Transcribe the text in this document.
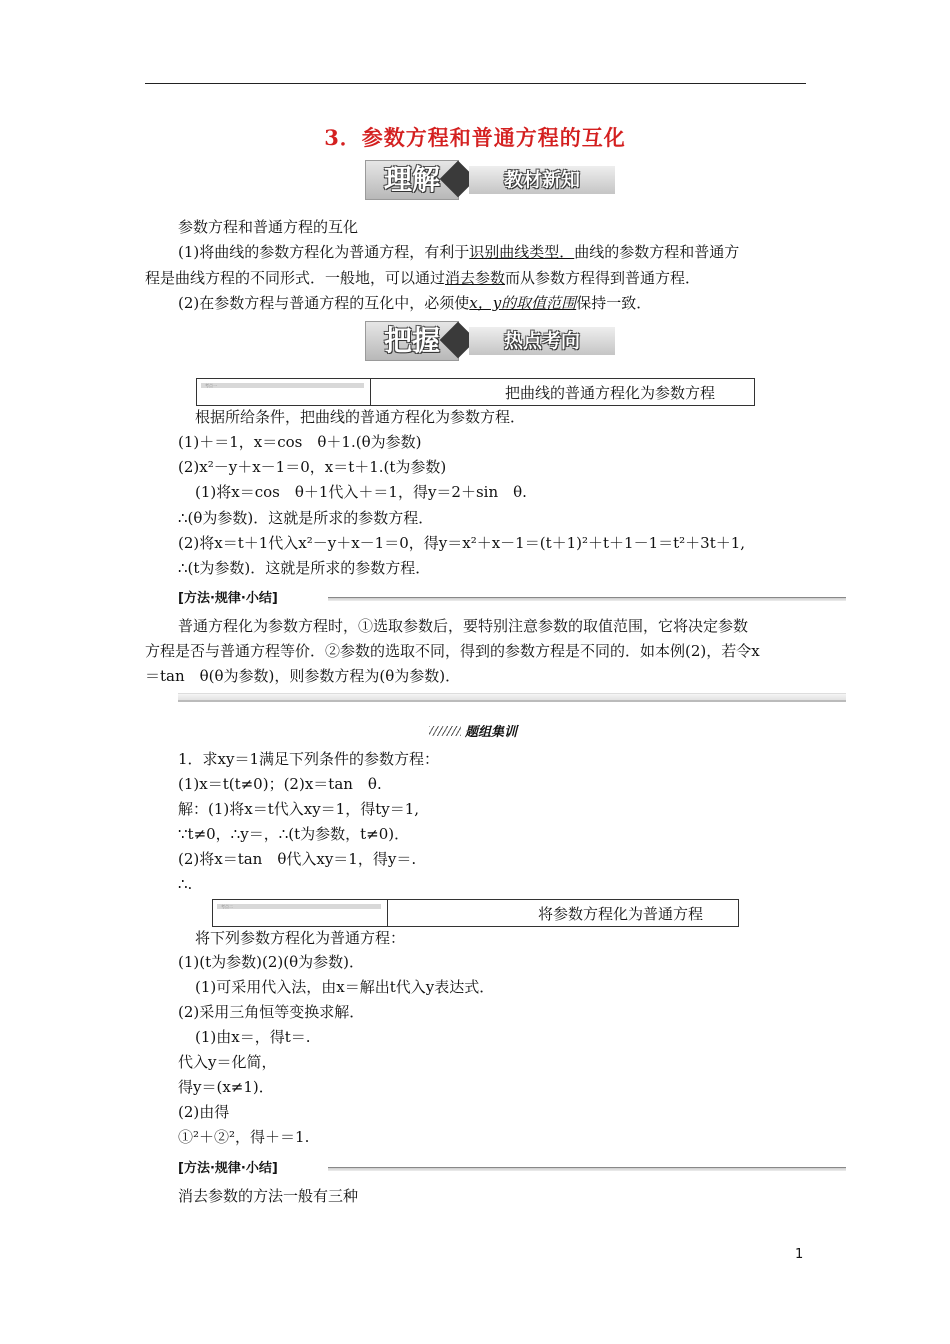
3．参数方程和普通方程的互化
理解	教材新知
参数方程和普通方程的互化
(1)将曲线的参数方程化为普通方程，有利于识别曲线类型．曲线的参数方程和普通方
程是曲线方程的不同形式．一般地，可以通过消去参数而从参数方程得到普通方程．
(2)在参数方程与普通方程的互化中，必须使x，y的取值范围保持一致．
把握	热点考向
考点一	把曲线的普通方程化为参数方程
根据所给条件，把曲线的普通方程化为参数方程．
(1)＋＝1，x＝cos　θ＋1.(θ为参数)
(2)x²－y＋x－1＝0，x＝t＋1.(t为参数)
(1)将x＝cos　θ＋1代入＋＝1，得y＝2＋sin　θ.
∴(θ为参数)．这就是所求的参数方程．
(2)将x＝t＋1代入x²－y＋x－1＝0，得y＝x²＋x－1＝(t＋1)²＋t＋1－1＝t²＋3t＋1,
∴(t为参数)．这就是所求的参数方程．
[方法·规律·小结]
普通方程化为参数方程时，①选取参数后，要特别注意参数的取值范围，它将决定参数
方程是否与普通方程等价．②参数的选取不同，得到的参数方程是不同的．如本例(2)，若令x
＝tan　θ(θ为参数)，则参数方程为(θ为参数)．
题组集训
1．求xy＝1满足下列条件的参数方程：
(1)x＝t(t≠0)；(2)x＝tan　θ.
解：(1)将x＝t代入xy＝1，得ty＝1,
∵t≠0，∴y＝，∴(t为参数，t≠0)．
(2)将x＝tan　θ代入xy＝1，得y＝.
∴.
考点二	将参数方程化为普通方程
将下列参数方程化为普通方程：
(1)(t为参数)(2)(θ为参数)．
(1)可采用代入法，由x＝解出t代入y表达式．
(2)采用三角恒等变换求解．
(1)由x＝，得t＝.
代入y＝化简，
得y＝(x≠1)．
(2)由得
①²＋②²，得＋＝1.
[方法·规律·小结]
消去参数的方法一般有三种
1
